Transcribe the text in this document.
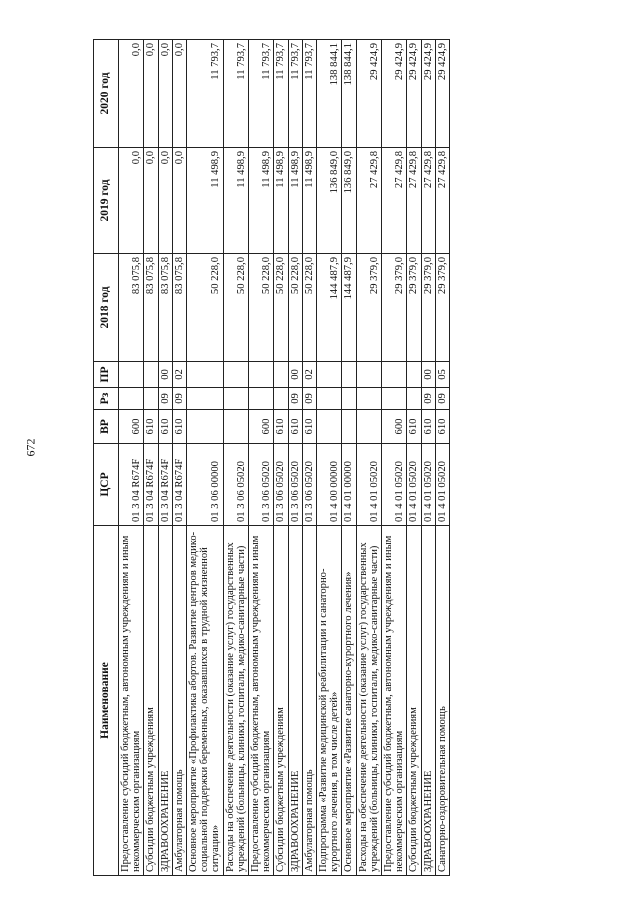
672
Наименование	ЦСР	ВР	Рз	ПР	2018 год	2019 год	2020 год
Предоставление субсидий бюджетным, автономным учреждениям и иным некоммерческим организациям	01 3 04 R674F	600			83 075,8	0,0	0,0
Субсидии бюджетным учреждениям	01 3 04 R674F	610			83 075,8	0,0	0,0
ЗДРАВООХРАНЕНИЕ	01 3 04 R674F	610	09	00	83 075,8	0,0	0,0
Амбулаторная помощь	01 3 04 R674F	610	09	02	83 075,8	0,0	0,0
Основное мероприятие «Профилактика абортов. Развитие центров медико-социальной поддержки беременных, оказавшихся в трудной жизненной ситуации»	01 3 06 00000				50 228,0	11 498,9	11 793,7
Расходы на обеспечение деятельности (оказание услуг) государственных учреждений (больницы, клиники, госпитали, медико-санитарные части)	01 3 06 05020				50 228,0	11 498,9	11 793,7
Предоставление субсидий бюджетным, автономным учреждениям и иным некоммерческим организациям	01 3 06 05020	600			50 228,0	11 498,9	11 793,7
Субсидии бюджетным учреждениям	01 3 06 05020	610			50 228,0	11 498,9	11 793,7
ЗДРАВООХРАНЕНИЕ	01 3 06 05020	610	09	00	50 228,0	11 498,9	11 793,7
Амбулаторная помощь	01 3 06 05020	610	09	02	50 228,0	11 498,9	11 793,7
Подпрограмма «Развитие медицинской реабилитации и санаторно-курортного лечения, в том числе детей»	01 4 00 00000				144 487,9	136 849,0	138 844,1
Основное мероприятие «Развитие санаторно-курортного лечения»	01 4 01 00000				144 487,9	136 849,0	138 844,1
Расходы на обеспечение деятельности (оказание услуг) государственных учреждений (больницы, клиники, госпитали, медико-санитарные части)	01 4 01 05020				29 379,0	27 429,8	29 424,9
Предоставление субсидий бюджетным, автономным учреждениям и иным некоммерческим организациям	01 4 01 05020	600			29 379,0	27 429,8	29 424,9
Субсидии бюджетным учреждениям	01 4 01 05020	610			29 379,0	27 429,8	29 424,9
ЗДРАВООХРАНЕНИЕ	01 4 01 05020	610	09	00	29 379,0	27 429,8	29 424,9
Санаторно-оздоровительная помощь	01 4 01 05020	610	09	05	29 379,0	27 429,8	29 424,9
